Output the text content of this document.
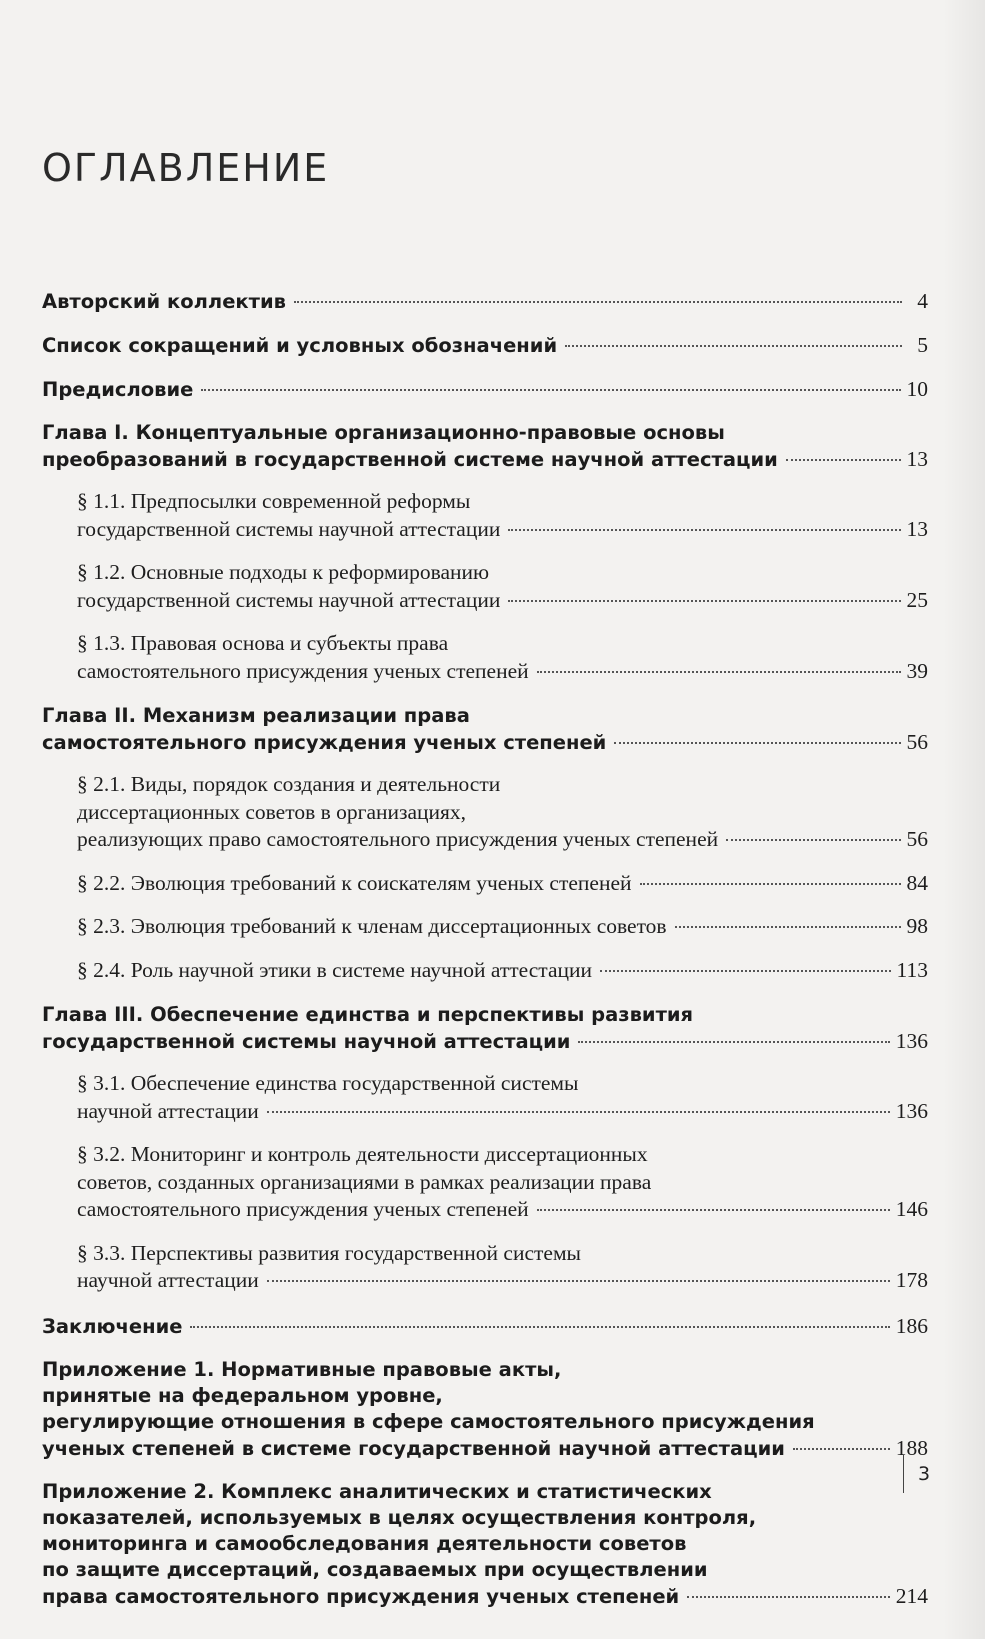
ОГЛАВЛЕНИЕ
Авторский коллектив	4
Список сокращений и условных обозначений	5
Предисловие	10
Глава I. Концептуальные организационно-правовые основы
преобразований в государственной системе научной аттестации	13
§ 1.1. Предпосылки современной реформы
государственной системы научной аттестации	13
§ 1.2. Основные подходы к реформированию
государственной системы научной аттестации	25
§ 1.3. Правовая основа и субъекты права
самостоятельного присуждения ученых степеней	39
Глава II. Механизм реализации права
самостоятельного присуждения ученых степеней	56
§ 2.1. Виды, порядок создания и деятельности
диссертационных советов в организациях,
реализующих право самостоятельного присуждения ученых степеней	56
§ 2.2. Эволюция требований к соискателям ученых степеней	84
§ 2.3. Эволюция требований к членам диссертационных советов	98
§ 2.4. Роль научной этики в системе научной аттестации	113
Глава III. Обеспечение единства и перспективы развития
государственной системы научной аттестации	136
§ 3.1. Обеспечение единства государственной системы
научной аттестации	136
§ 3.2. Мониторинг и контроль деятельности диссертационных
советов, созданных организациями в рамках реализации права
самостоятельного присуждения ученых степеней	146
§ 3.3. Перспективы развития государственной системы
научной аттестации	178
Заключение	186
Приложение 1. Нормативные правовые акты,
принятые на федеральном уровне,
регулирующие отношения в сфере самостоятельного присуждения
ученых степеней в системе государственной научной аттестации	188
Приложение 2. Комплекс аналитических и статистических
показателей, используемых в целях осуществления контроля,
мониторинга и самообследования деятельности советов
по защите диссертаций, создаваемых при осуществлении
права самостоятельного присуждения ученых степеней	214
3
